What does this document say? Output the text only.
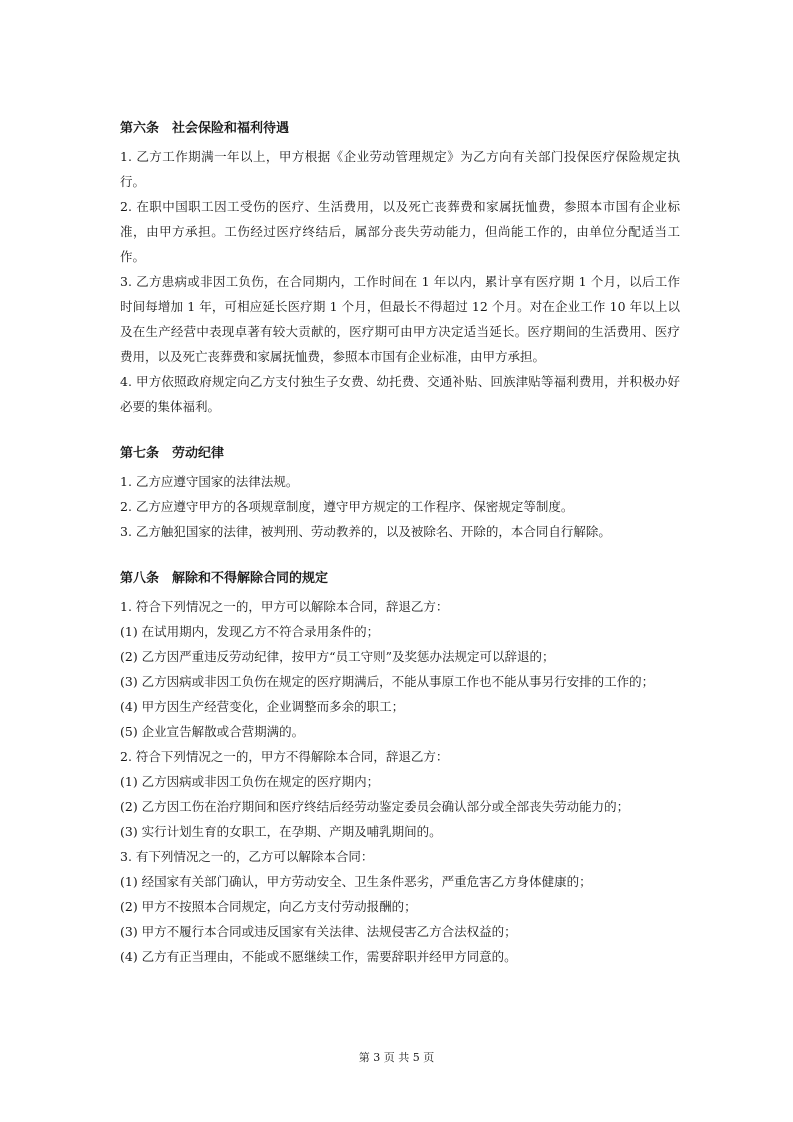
第六条　社会保险和福利待遇

1. 乙方工作期满一年以上，甲方根据《企业劳动管理规定》为乙方向有关部门投保医疗保险规定执行。

2. 在职中国职工因工受伤的医疗、生活费用，以及死亡丧葬费和家属抚恤费，参照本市国有企业标准，由甲方承担。工伤经过医疗终结后，属部分丧失劳动能力，但尚能工作的，由单位分配适当工作。

3. 乙方患病或非因工负伤，在合同期内，工作时间在 1 年以内，累计享有医疗期 1 个月，以后工作时间每增加 1 年，可相应延长医疗期 1 个月，但最长不得超过 12 个月。对在企业工作 10 年以上以及在生产经营中表现卓著有较大贡献的，医疗期可由甲方决定适当延长。医疗期间的生活费用、医疗费用，以及死亡丧葬费和家属抚恤费，参照本市国有企业标准，由甲方承担。

4. 甲方依照政府规定向乙方支付独生子女费、幼托费、交通补贴、回族津贴等福利费用，并积极办好必要的集体福利。

第七条　劳动纪律

1. 乙方应遵守国家的法律法规。

2. 乙方应遵守甲方的各项规章制度，遵守甲方规定的工作程序、保密规定等制度。

3. 乙方触犯国家的法律，被判刑、劳动教养的，以及被除名、开除的，本合同自行解除。

第八条　解除和不得解除合同的规定

1. 符合下列情况之一的，甲方可以解除本合同，辞退乙方：

(1) 在试用期内，发现乙方不符合录用条件的；

(2) 乙方因严重违反劳动纪律，按甲方“员工守则”及奖惩办法规定可以辞退的；

(3) 乙方因病或非因工负伤在规定的医疗期满后，不能从事原工作也不能从事另行安排的工作的；

(4) 甲方因生产经营变化，企业调整而多余的职工；

(5) 企业宣告解散或合营期满的。

2. 符合下列情况之一的，甲方不得解除本合同，辞退乙方：

(1) 乙方因病或非因工负伤在规定的医疗期内；

(2) 乙方因工伤在治疗期间和医疗终结后经劳动鉴定委员会确认部分或全部丧失劳动能力的；

(3) 实行计划生育的女职工，在孕期、产期及哺乳期间的。

3. 有下列情况之一的，乙方可以解除本合同：

(1) 经国家有关部门确认，甲方劳动安全、卫生条件恶劣，严重危害乙方身体健康的；

(2) 甲方不按照本合同规定，向乙方支付劳动报酬的；

(3) 甲方不履行本合同或违反国家有关法律、法规侵害乙方合法权益的；

(4) 乙方有正当理由，不能或不愿继续工作，需要辞职并经甲方同意的。

第 3 页 共 5 页
